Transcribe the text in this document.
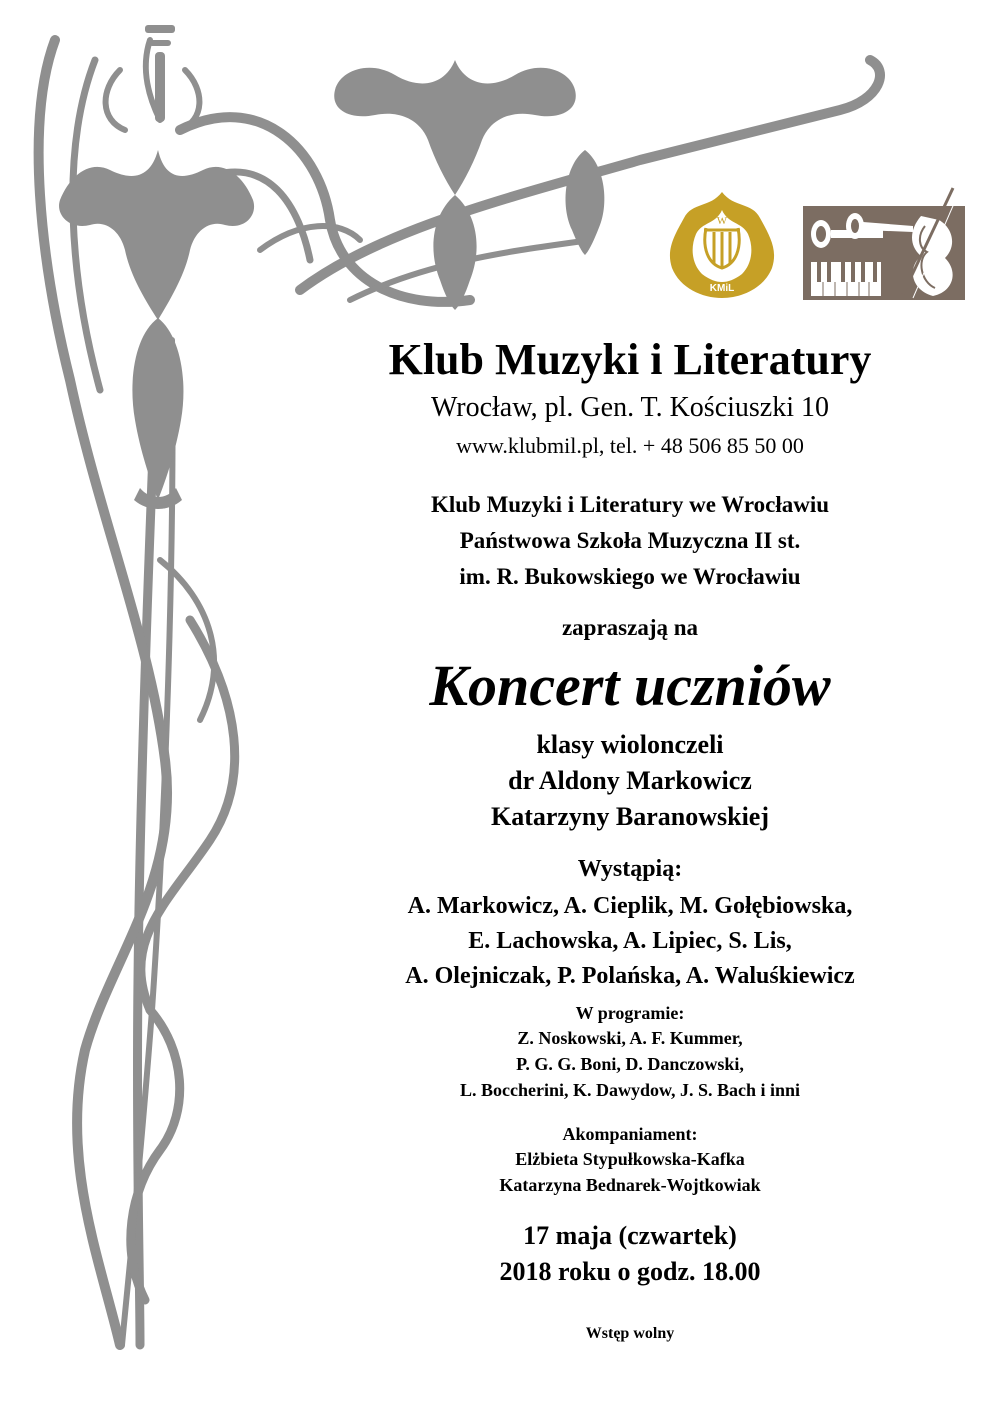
W
KMiL
Klub Muzyki i Literatury
Wrocław, pl. Gen. T. Kościuszki 10
www.klubmil.pl, tel. + 48 506 85 50 00
Klub Muzyki i Literatury we Wrocławiu
Państwowa Szkoła Muzyczna II st.
im. R. Bukowskiego we Wrocławiu
zapraszają na
Koncert uczniów
klasy wiolonczeli
dr Aldony Markowicz
Katarzyny Baranowskiej
Wystąpią:
A. Markowicz, A. Cieplik, M. Gołębiowska,
E. Lachowska, A. Lipiec, S. Lis,
A. Olejniczak, P. Polańska, A. Waluśkiewicz
W programie:
Z. Noskowski, A. F. Kummer,
P. G. G. Boni, D. Danczowski,
L. Boccherini, K. Dawydow, J. S. Bach i inni
Akompaniament:
Elżbieta Stypułkowska-Kafka
Katarzyna Bednarek-Wojtkowiak
17 maja (czwartek)
2018 roku o godz. 18.00
Wstęp wolny
